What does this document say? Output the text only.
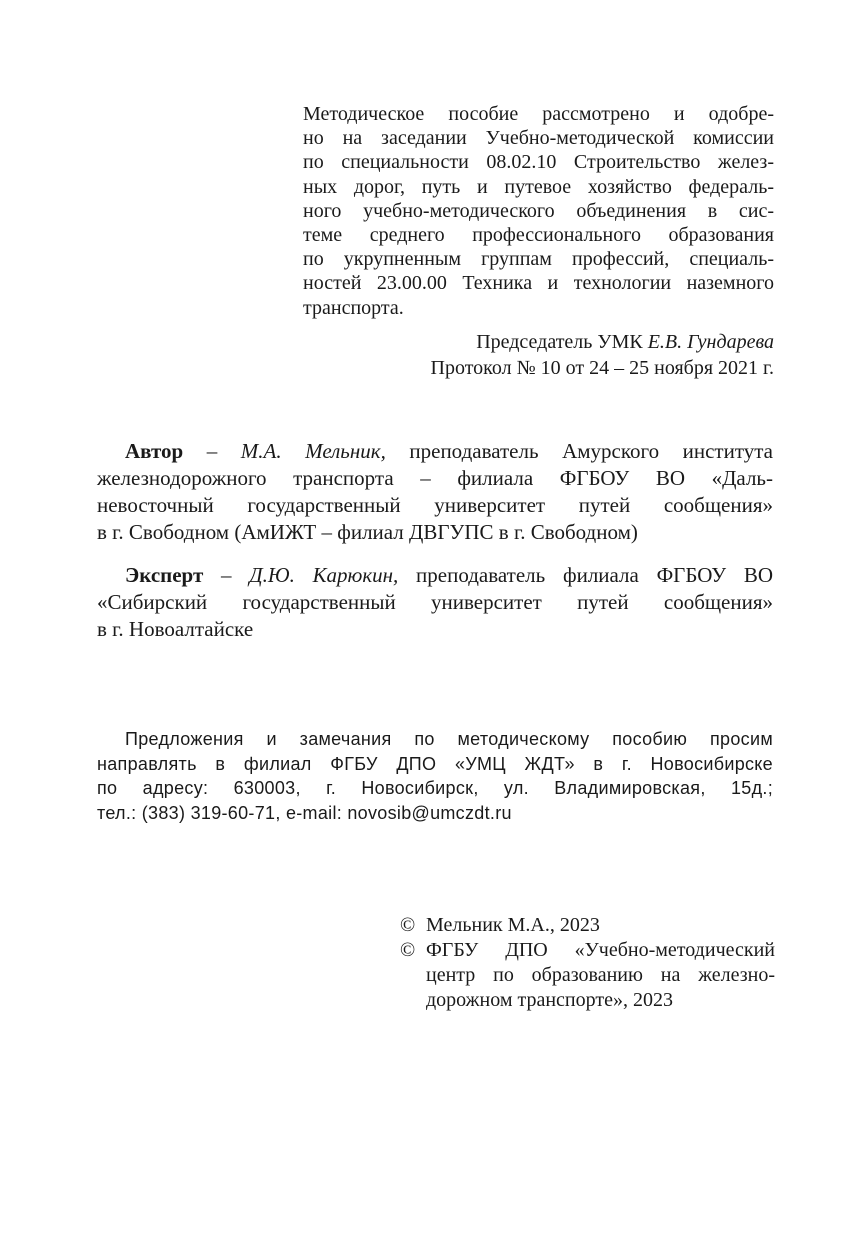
Методическое пособие рассмотрено и одобре-
но на заседании Учебно-методической комиссии
по специальности 08.02.10 Строительство желез-
ных дорог, путь и путевое хозяйство федераль-
ного учебно-методического объединения в сис-
теме среднего профессионального образования
по укрупненным группам профессий, специаль-
ностей 23.00.00 Техника и технологии наземного
транспорта.
Председатель УМК Е.В. Гундарева
Протокол № 10 от 24 – 25 ноября 2021 г.
Автор – М.А. Мельник, преподаватель Амурского института
железнодорожного транспорта – филиала ФГБОУ ВО «Даль-
невосточный государственный университет путей сообщения»
в г. Свободном (АмИЖТ – филиал ДВГУПС в г. Свободном)
Эксперт – Д.Ю. Карюкин, преподаватель филиала ФГБОУ ВО
«Сибирский государственный университет путей сообщения»
в г. Новоалтайске
Предложения и замечания по методическому пособию просим
направлять в филиал ФГБУ ДПО «УМЦ ЖДТ» в г. Новосибирске
по адресу: 630003, г. Новосибирск, ул. Владимировская, 15д.;
тел.: (383) 319-60-71, e-mail: novosib@umczdt.ru
© Мельник М.А., 2023
© ФГБУ ДПО «Учебно-методический
центр по образованию на железно-
дорожном транспорте», 2023
